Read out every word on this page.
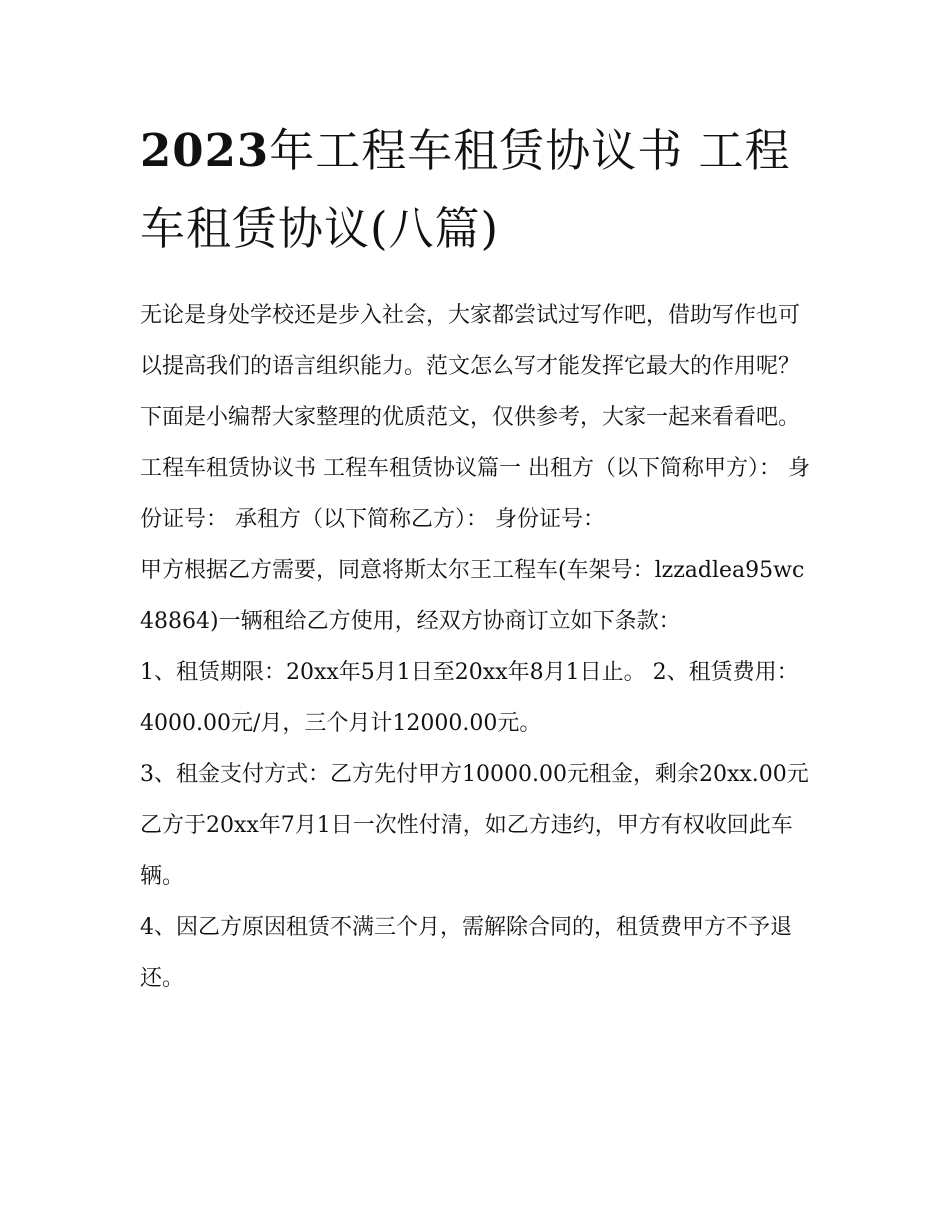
2023年工程车租赁协议书 工程车租赁协议(八篇)

无论是身处学校还是步入社会，大家都尝试过写作吧，借助写作也可以提高我们的语言组织能力。范文怎么写才能发挥它最大的作用呢？下面是小编帮大家整理的优质范文，仅供参考，大家一起来看看吧。

工程车租赁协议书 工程车租赁协议篇一 出租方（以下简称甲方）： 身份证号： 承租方（以下简称乙方）： 身份证号：

甲方根据乙方需要，同意将斯太尔王工程车(车架号：lzzadlea95wc48864)一辆租给乙方使用，经双方协商订立如下条款：

1、租赁期限：20xx年5月1日至20xx年8月1日止。 2、租赁费用：4000.00元/月，三个月计12000.00元。

3、租金支付方式：乙方先付甲方10000.00元租金，剩余20xx.00元乙方于20xx年7月1日一次性付清，如乙方违约，甲方有权收回此车辆。

4、因乙方原因租赁不满三个月，需解除合同的，租赁费甲方不予退还。
